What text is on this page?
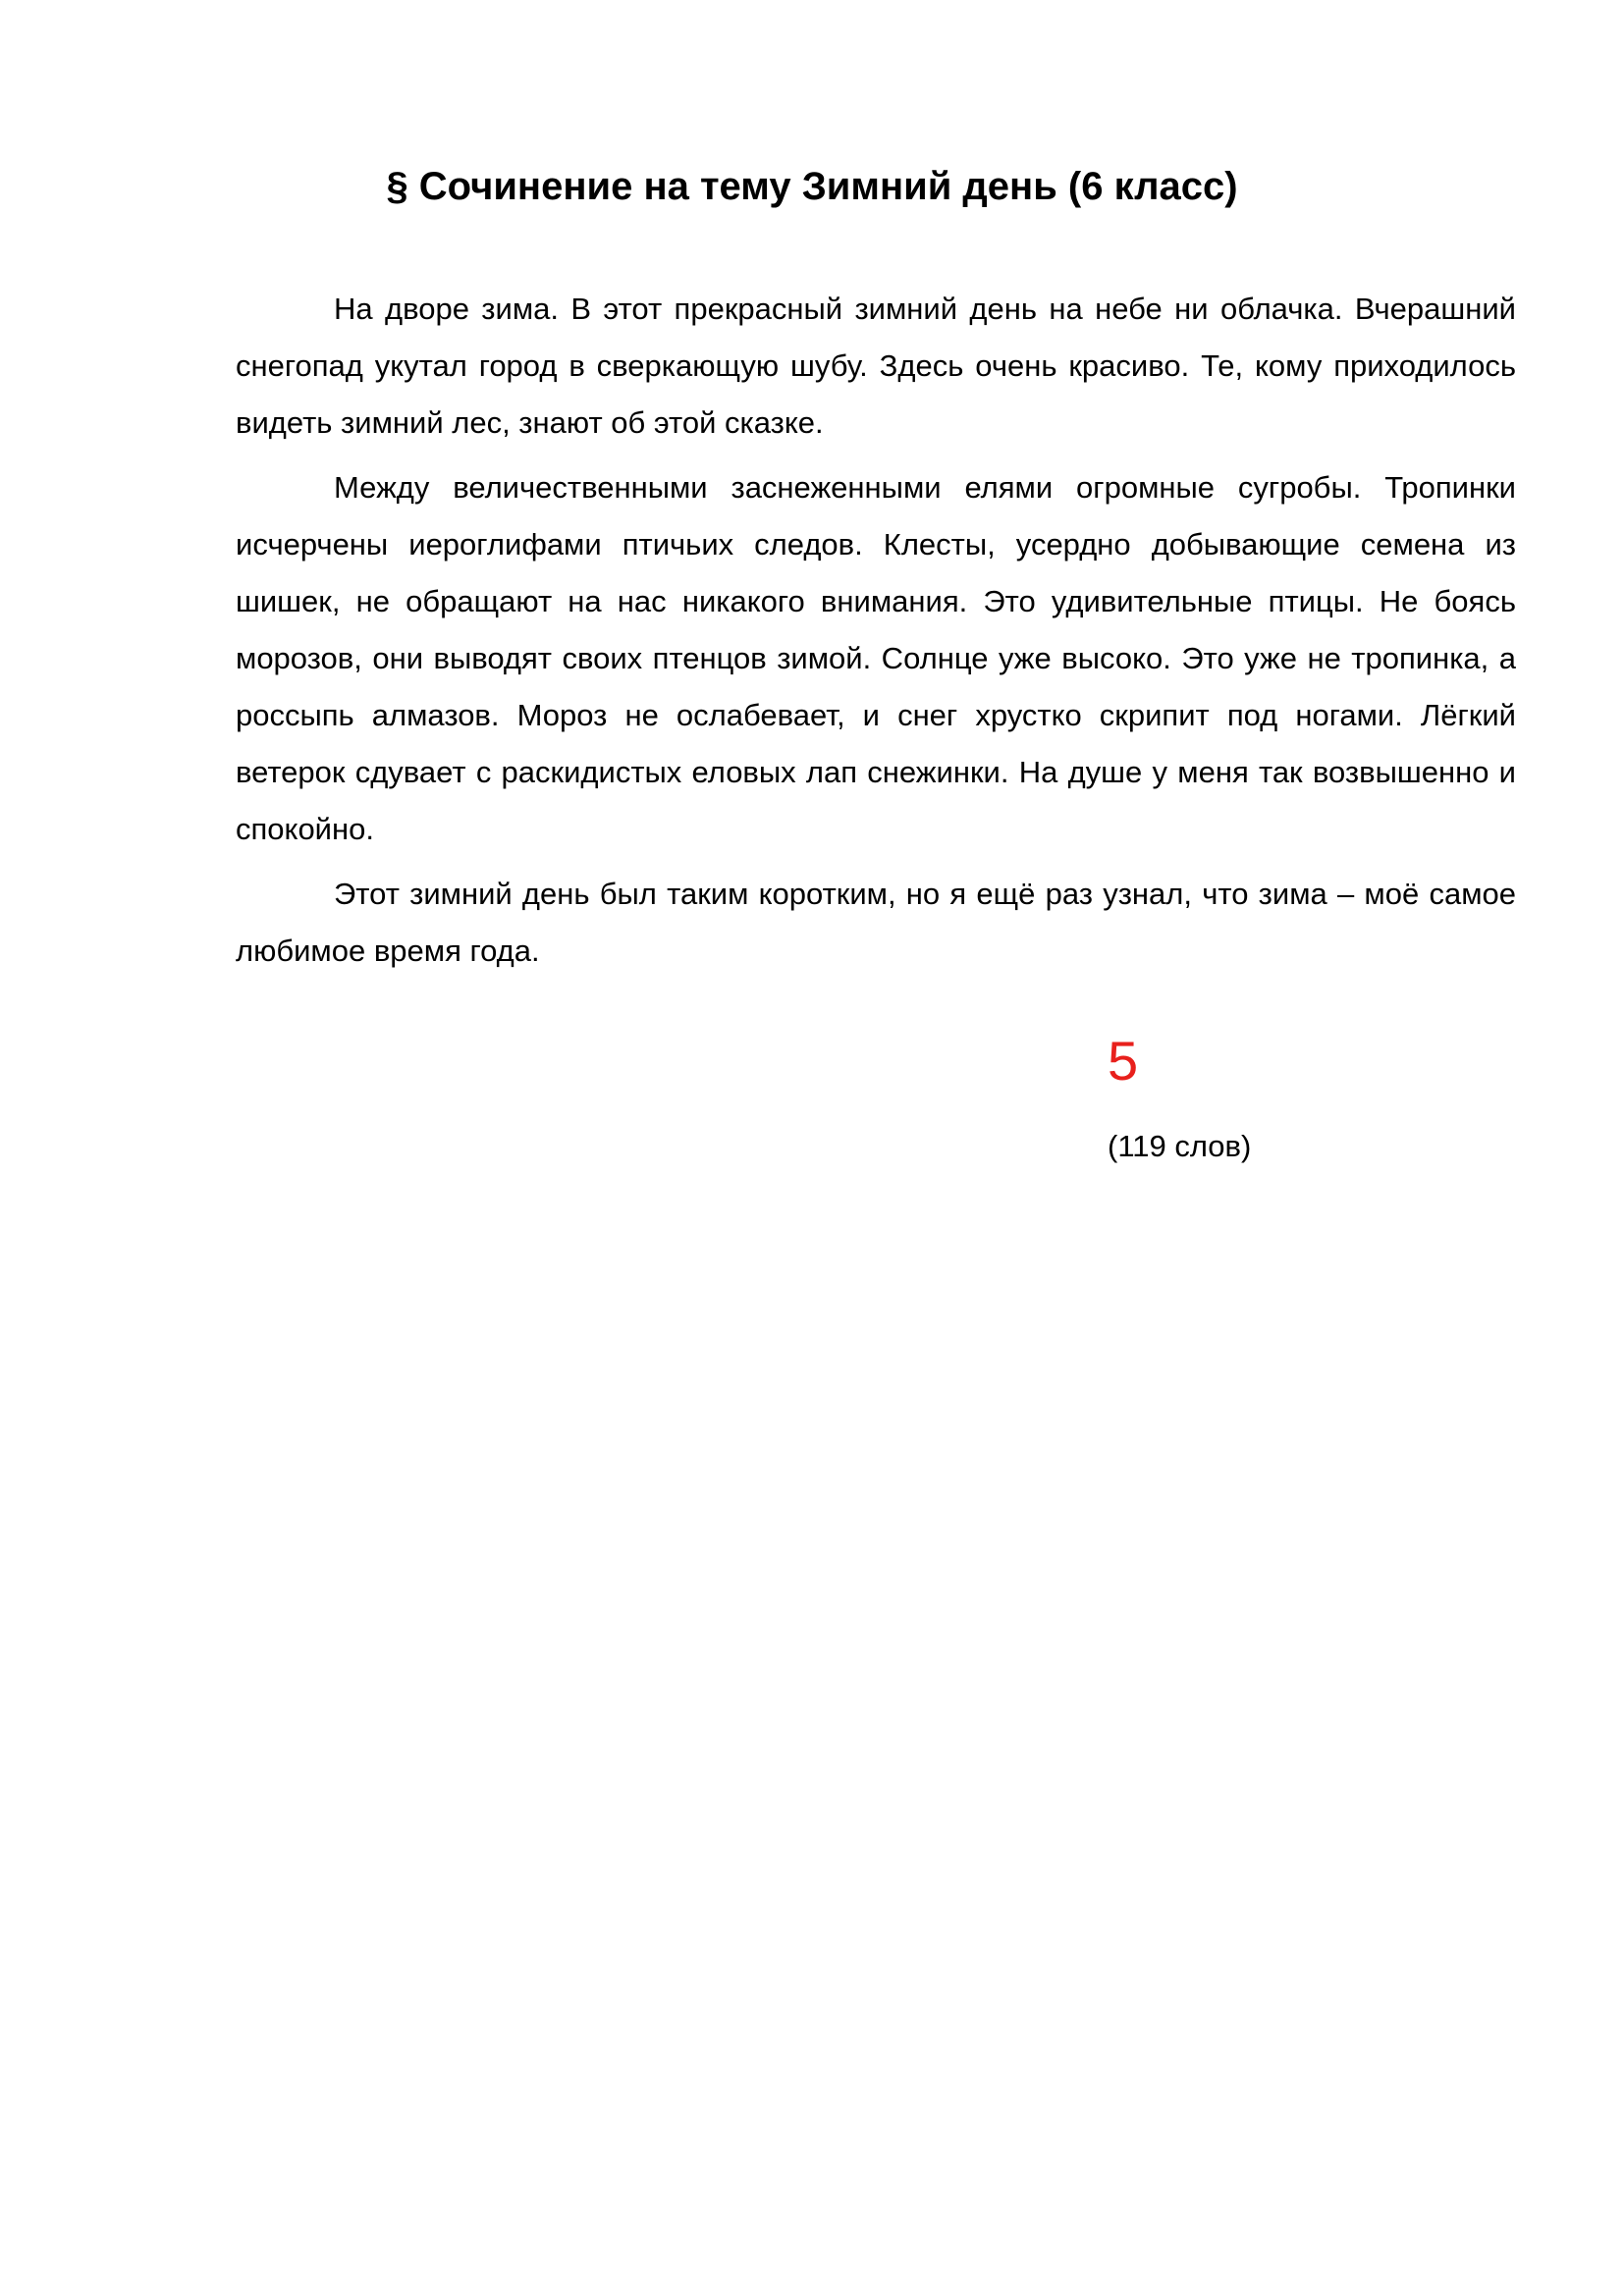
§ Сочинение на тему Зимний день (6 класс)

На дворе зима. В этот прекрасный зимний день на небе ни облачка. Вчерашний снегопад укутал город в сверкающую шубу. Здесь очень красиво. Те, кому приходилось видеть зимний лес, знают об этой сказке.

Между величественными заснеженными елями огромные сугробы. Тропинки исчерчены иероглифами птичьих следов. Клесты, усердно добывающие семена из шишек, не обращают на нас никакого внимания. Это удивительные птицы. Не боясь морозов, они выводят своих птенцов зимой. Солнце уже высоко. Это уже не тропинка, а россыпь алмазов. Мороз не ослабевает, и снег хрустко скрипит под ногами. Лёгкий ветерок сдувает с раскидистых еловых лап снежинки. На душе у меня так возвышенно и спокойно.

Этот зимний день был таким коротким, но я ещё раз узнал, что зима – моё самое любимое время года.

5
(119 слов)
